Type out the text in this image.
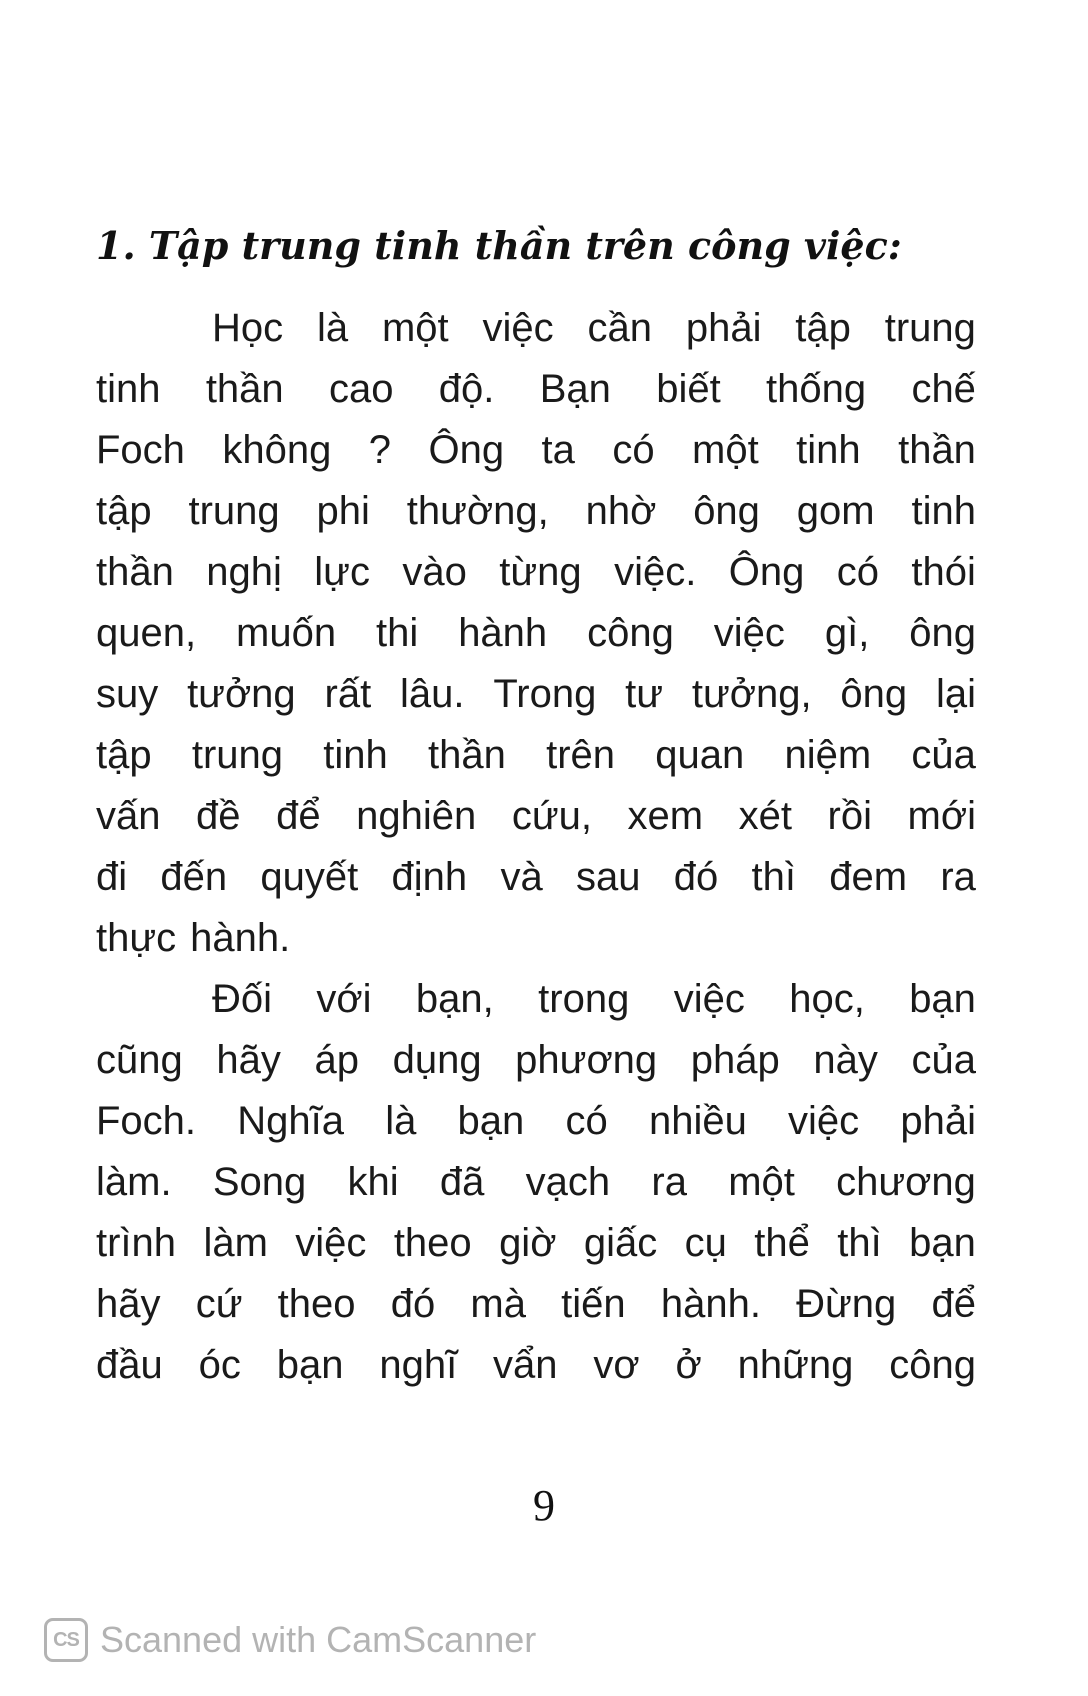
1. Tập trung tinh thần trên công việc:
Học là một việc cần phải tập trung
tinh thần cao độ. Bạn biết thống chế
Foch không ? Ông ta có một tinh thần
tập trung phi thường, nhờ ông gom tinh
thần nghị lực vào từng việc. Ông có thói
quen, muốn thi hành công việc gì, ông
suy tưởng rất lâu. Trong tư tưởng, ông lại
tập trung tinh thần trên quan niệm của
vấn đề để nghiên cứu, xem xét rồi mới
đi đến quyết định và sau đó thì đem ra
thực hành.
Đối với bạn, trong việc học, bạn
cũng hãy áp dụng phương pháp này của
Foch. Nghĩa là bạn có nhiều việc phải
làm. Song khi đã vạch ra một chương
trình làm việc theo giờ giấc cụ thể thì bạn
hãy cứ theo đó mà tiến hành. Đừng để
đầu óc bạn nghĩ vẩn vơ ở những công
9
CS Scanned with CamScanner
